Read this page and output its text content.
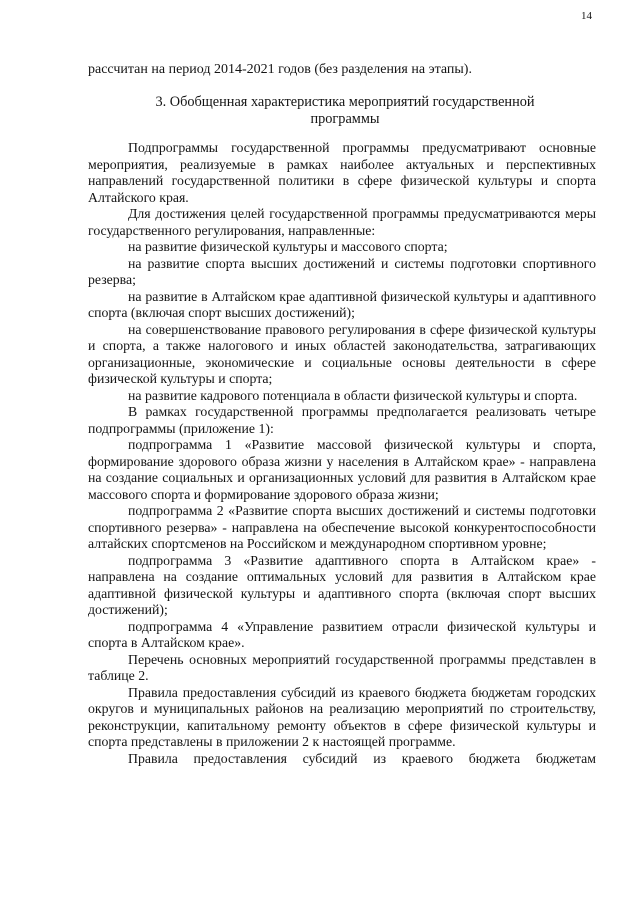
14

рассчитан на период 2014-2021 годов (без разделения на этапы).

3. Обобщенная характеристика мероприятий государственной
программы

Подпрограммы государственной программы предусматривают основные мероприятия, реализуемые в рамках наиболее актуальных и перспективных направлений государственной политики в сфере физической культуры и спорта Алтайского края.

Для достижения целей государственной программы предусматриваются меры государственного регулирования, направленные:

на развитие физической культуры и массового спорта;

на развитие спорта высших достижений и системы подготовки спортивного резерва;

на развитие в Алтайском крае адаптивной физической культуры и адаптивного спорта (включая спорт высших достижений);

на совершенствование правового регулирования в сфере физической культуры и спорта, а также налогового и иных областей законодательства, затрагивающих организационные, экономические и социальные основы деятельности в сфере физической культуры и спорта;

на развитие кадрового потенциала в области физической культуры и спорта.

В рамках государственной программы предполагается реализовать четыре подпрограммы (приложение 1):

подпрограмма 1 «Развитие массовой физической культуры и спорта, формирование здорового образа жизни у населения в Алтайском крае» - направлена на создание социальных и организационных условий для развития в Алтайском крае массового спорта и формирование здорового образа жизни;

подпрограмма 2 «Развитие спорта высших достижений и системы подготовки спортивного резерва» - направлена на обеспечение высокой конкурентоспособности алтайских спортсменов на Российском и международном спортивном уровне;

подпрограмма 3 «Развитие адаптивного спорта в Алтайском крае» - направлена на создание оптимальных условий для развития в Алтайском крае адаптивной физической культуры и адаптивного спорта (включая спорт высших достижений);

подпрограмма 4 «Управление развитием отрасли физической культуры и спорта в Алтайском крае».

Перечень основных мероприятий государственной программы представлен в таблице 2.

Правила предоставления субсидий из краевого бюджета бюджетам городских округов и муниципальных районов на реализацию мероприятий по строительству, реконструкции, капитальному ремонту объектов в сфере физической культуры и спорта представлены в приложении 2 к настоящей программе.

Правила предоставления субсидий из краевого бюджета бюджетам
